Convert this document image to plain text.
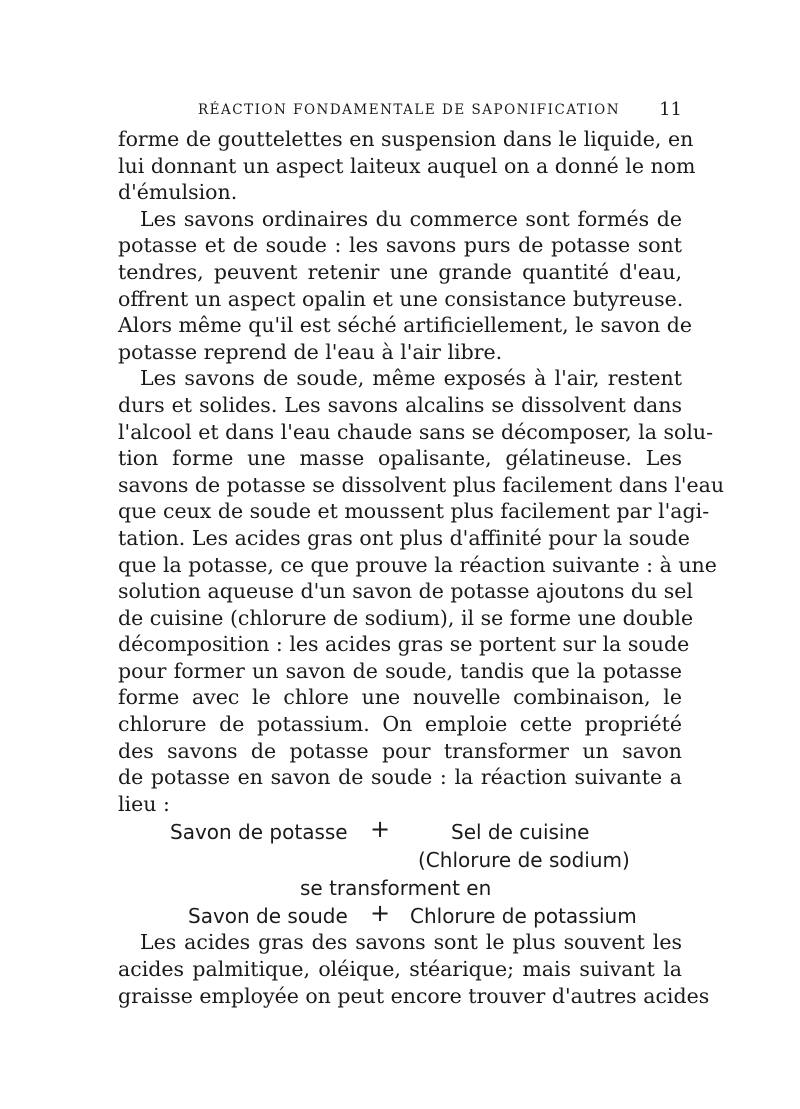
RÉACTION FONDAMENTALE DE SAPONIFICATION 11
forme de gouttelettes en suspension dans le liquide, en
lui donnant un aspect laiteux auquel on a donné le nom
d'émulsion.
Les savons ordinaires du commerce sont formés de
potasse et de soude : les savons purs de potasse sont
tendres, peuvent retenir une grande quantité d'eau,
offrent un aspect opalin et une consistance butyreuse.
Alors même qu'il est séché artificiellement, le savon de
potasse reprend de l'eau à l'air libre.
Les savons de soude, même exposés à l'air, restent
durs et solides. Les savons alcalins se dissolvent dans
l'alcool et dans l'eau chaude sans se décomposer, la solu-
tion forme une masse opalisante, gélatineuse. Les
savons de potasse se dissolvent plus facilement dans l'eau
que ceux de soude et moussent plus facilement par l'agi-
tation. Les acides gras ont plus d'affinité pour la soude
que la potasse, ce que prouve la réaction suivante : à une
solution aqueuse d'un savon de potasse ajoutons du sel
de cuisine (chlorure de sodium), il se forme une double
décomposition : les acides gras se portent sur la soude
pour former un savon de soude, tandis que la potasse
forme avec le chlore une nouvelle combinaison, le
chlorure de potassium. On emploie cette propriété
des savons de potasse pour transformer un savon
de potasse en savon de soude : la réaction suivante a
lieu :
Savon de potasse +	Sel de cuisine
(Chlorure de sodium)
se transforment en
Savon de soude + Chlorure de potassium
Les acides gras des savons sont le plus souvent les
acides palmitique, oléique, stéarique; mais suivant la
graisse employée on peut encore trouver d'autres acides
